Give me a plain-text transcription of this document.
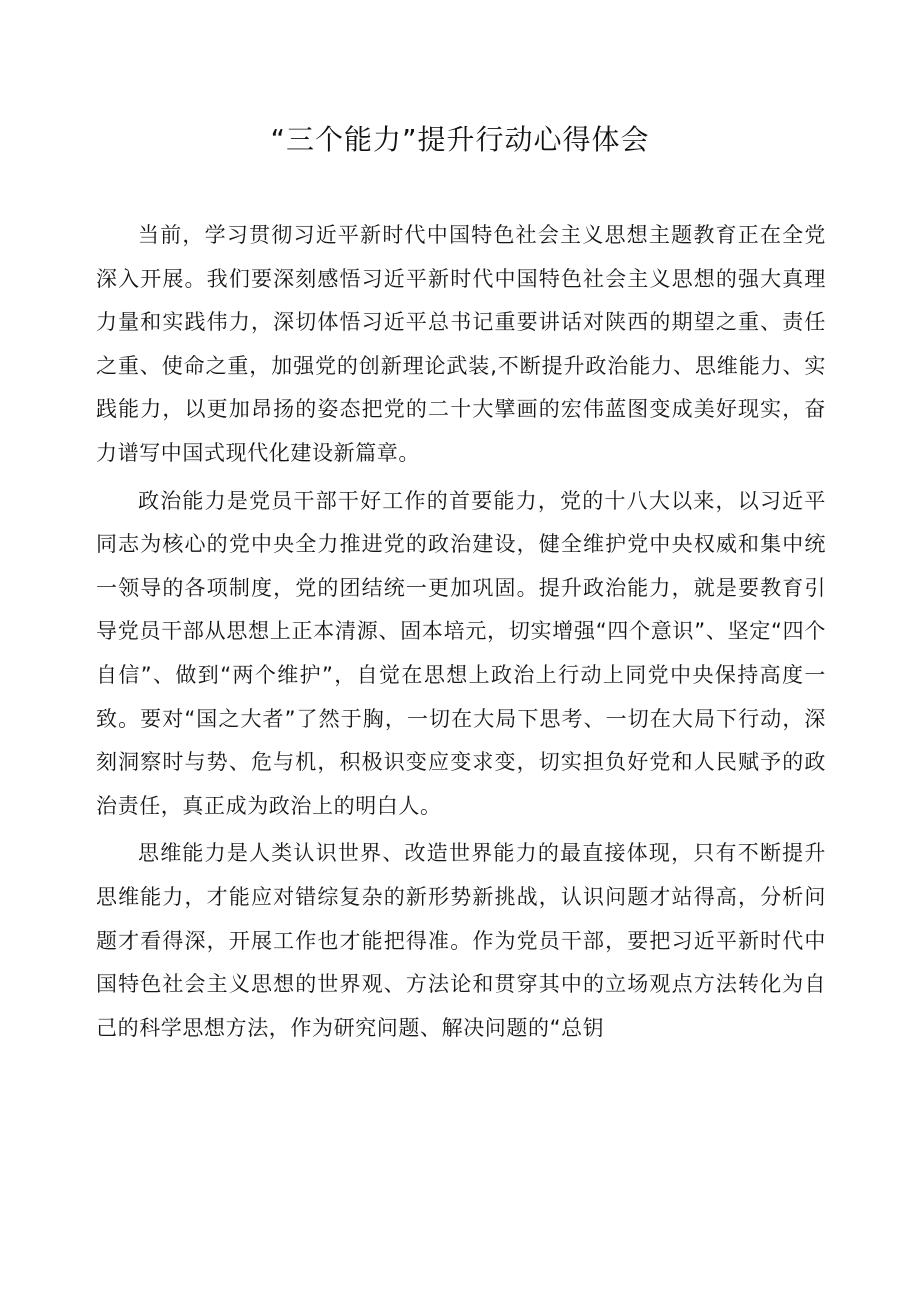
“三个能力”提升行动心得体会

当前，学习贯彻习近平新时代中国特色社会主义思想主题教育正在全党深入开展。我们要深刻感悟习近平新时代中国特色社会主义思想的强大真理力量和实践伟力，深切体悟习近平总书记重要讲话对陕西的期望之重、责任之重、使命之重，加强党的创新理论武装,不断提升政治能力、思维能力、实践能力，以更加昂扬的姿态把党的二十大擘画的宏伟蓝图变成美好现实，奋力谱写中国式现代化建设新篇章。

政治能力是党员干部干好工作的首要能力，党的十八大以来，以习近平同志为核心的党中央全力推进党的政治建设，健全维护党中央权威和集中统一领导的各项制度，党的团结统一更加巩固。提升政治能力，就是要教育引导党员干部从思想上正本清源、固本培元，切实增强“四个意识”、坚定“四个自信”、做到“两个维护”，自觉在思想上政治上行动上同党中央保持高度一致。要对“国之大者”了然于胸，一切在大局下思考、一切在大局下行动，深刻洞察时与势、危与机，积极识变应变求变，切实担负好党和人民赋予的政治责任，真正成为政治上的明白人。

思维能力是人类认识世界、改造世界能力的最直接体现，只有不断提升思维能力，才能应对错综复杂的新形势新挑战，认识问题才站得高，分析问题才看得深，开展工作也才能把得准。作为党员干部，要把习近平新时代中国特色社会主义思想的世界观、方法论和贯穿其中的立场观点方法转化为自己的科学思想方法，作为研究问题、解决问题的“总钥
